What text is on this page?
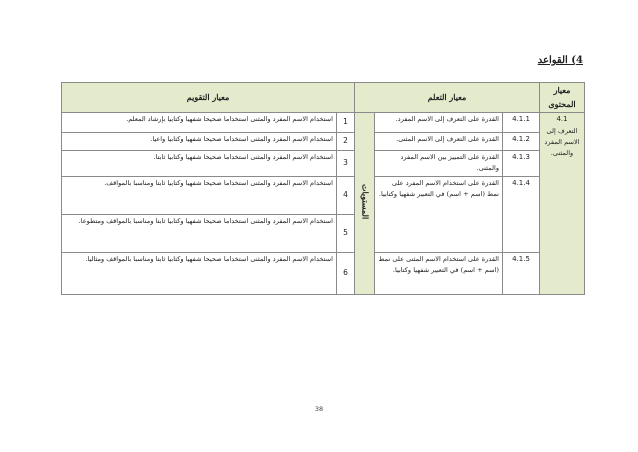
4) القواعد
معيار المحتوى	معيار التعلم			معيار التقويم	

4.1
التعرف إلى الاسم المفرد والمثنى.	4.1.1	القدرة على التعرف إلى الاسم المفرد.	المستويات	1	استخدام الاسم المفرد والمثنى استخداما صحيحا شفهيا وكتابيا بإرشاد المعلم.
	4.1.2	القدرة على التعرف إلى الاسم المثنى.		2	استخدام الاسم المفرد والمثنى استخداما صحيحا شفهيا وكتابيا واعيا.
	4.1.3	القدرة على التمييز بين الاسم المفرد والمثنى.		3	استخدام الاسم المفرد والمثنى استخداما صحيحا شفهيا وكتابيا ثابتا.
	4.1.4	القدرة على استخدام الاسم المفرد على نمط (اسم + اسم) في التعبير شفهيا وكتابيا.		4	استخدام الاسم المفرد والمثنى استخداما صحيحا شفهيا وكتابيا ثابتا ومناسبا بالمواقف.
				5	استخدام الاسم المفرد والمثنى استخداما صحيحا شفهيا وكتابيا ثابتا ومناسبا بالمواقف ومتطوعا.
	4.1.5	القدرة على استخدام الاسم المثنى على نمط (اسم + اسم) في التعبير شفهيا وكتابيا.		6	استخدام الاسم المفرد والمثنى استخداما صحيحا شفهيا وكتابيا ثابتا ومناسبا بالمواقف ومثاليا.
38
